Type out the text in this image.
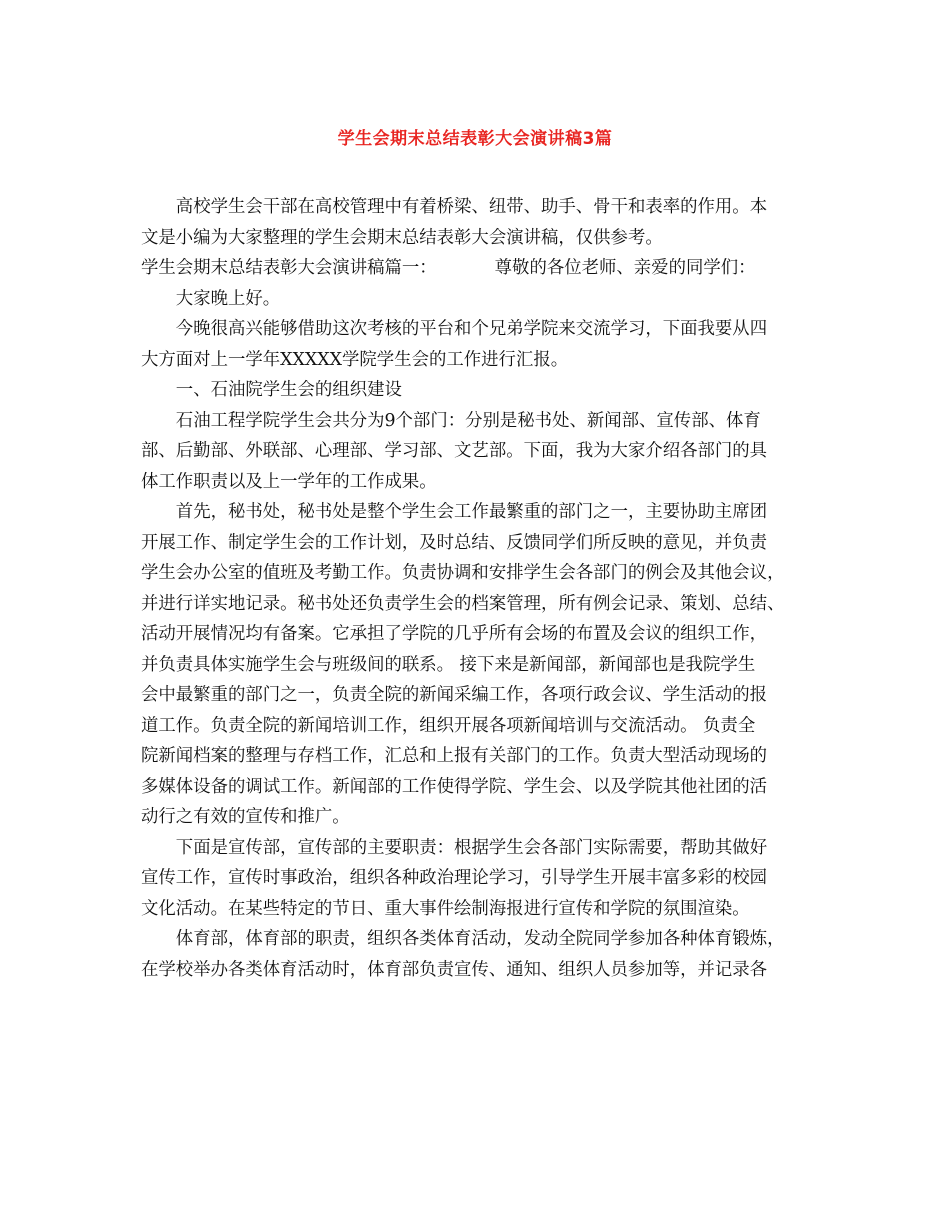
学生会期末总结表彰大会演讲稿3篇
高校学生会干部在高校管理中有着桥梁、纽带、助手、骨干和表率的作用。本
文是小编为大家整理的学生会期末总结表彰大会演讲稿，仅供参考。
学生会期末总结表彰大会演讲稿篇一：	尊敬的各位老师、亲爱的同学们：
大家晚上好。
今晚很高兴能够借助这次考核的平台和个兄弟学院来交流学习，下面我要从四
大方面对上一学年XXXXX学院学生会的工作进行汇报。
一、石油院学生会的组织建设
石油工程学院学生会共分为9个部门：分别是秘书处、新闻部、宣传部、体育
部、后勤部、外联部、心理部、学习部、文艺部。下面，我为大家介绍各部门的具
体工作职责以及上一学年的工作成果。
首先，秘书处，秘书处是整个学生会工作最繁重的部门之一，主要协助主席团
开展工作、制定学生会的工作计划，及时总结、反馈同学们所反映的意见，并负责
学生会办公室的值班及考勤工作。负责协调和安排学生会各部门的例会及其他会议，
并进行详实地记录。秘书处还负责学生会的档案管理，所有例会记录、策划、总结、
活动开展情况均有备案。它承担了学院的几乎所有会场的布置及会议的组织工作，
并负责具体实施学生会与班级间的联系。 接下来是新闻部，新闻部也是我院学生
会中最繁重的部门之一，负责全院的新闻采编工作，各项行政会议、学生活动的报
道工作。负责全院的新闻培训工作，组织开展各项新闻培训与交流活动。 负责全
院新闻档案的整理与存档工作，汇总和上报有关部门的工作。负责大型活动现场的
多媒体设备的调试工作。新闻部的工作使得学院、学生会、以及学院其他社团的活
动行之有效的宣传和推广。
下面是宣传部，宣传部的主要职责：根据学生会各部门实际需要，帮助其做好
宣传工作，宣传时事政治，组织各种政治理论学习，引导学生开展丰富多彩的校园
文化活动。在某些特定的节日、重大事件绘制海报进行宣传和学院的氛围渲染。
体育部，体育部的职责，组织各类体育活动，发动全院同学参加各种体育锻炼，
在学校举办各类体育活动时，体育部负责宣传、通知、组织人员参加等，并记录各
